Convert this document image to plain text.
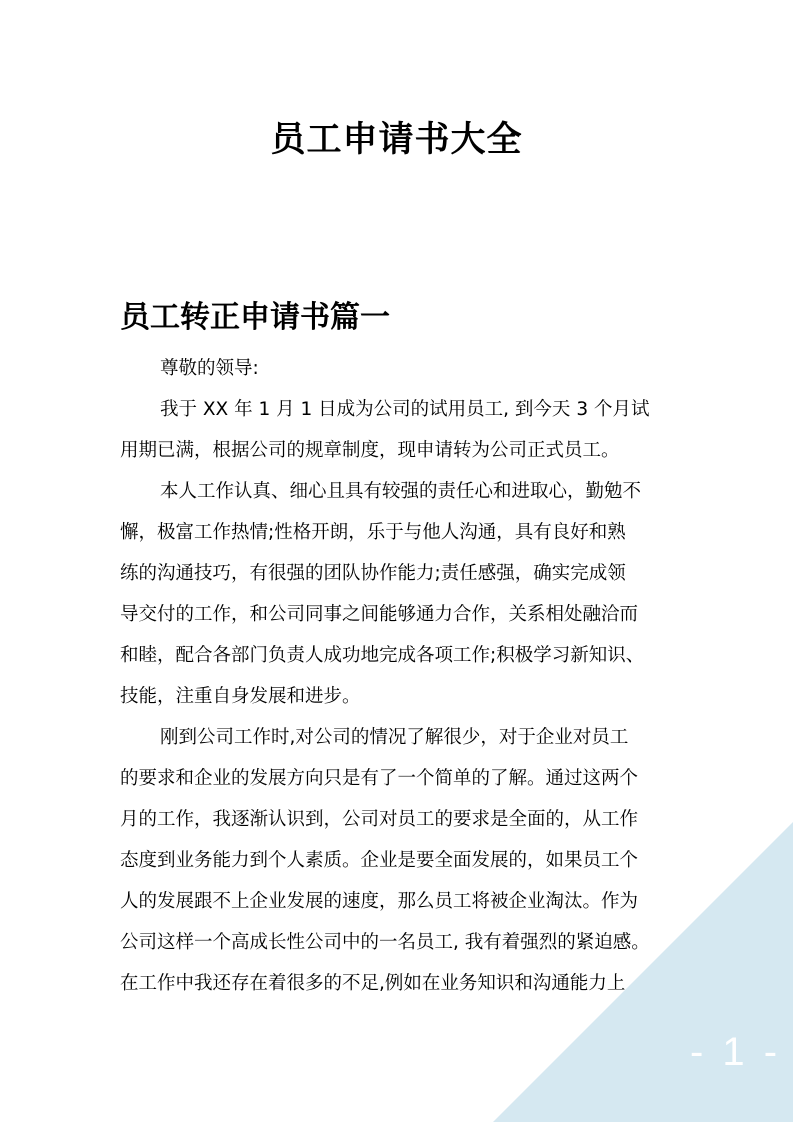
员工申请书大全
员工转正申请书篇一
尊敬的领导:
我于 XX 年 1 月 1 日成为公司的试用员工, 到今天 3 个月试
用期已满，根据公司的规章制度，现申请转为公司正式员工。
本人工作认真、细心且具有较强的责任心和进取心，勤勉不
懈，极富工作热情;性格开朗，乐于与他人沟通，具有良好和熟
练的沟通技巧，有很强的团队协作能力;责任感强，确实完成领
导交付的工作，和公司同事之间能够通力合作，关系相处融洽而
和睦，配合各部门负责人成功地完成各项工作;积极学习新知识、
技能，注重自身发展和进步。
刚到公司工作时,对公司的情况了解很少，对于企业对员工
的要求和企业的发展方向只是有了一个简单的了解。通过这两个
月的工作，我逐渐认识到，公司对员工的要求是全面的，从工作
态度到业务能力到个人素质。企业是要全面发展的，如果员工个
人的发展跟不上企业发展的速度，那么员工将被企业淘汰。作为
公司这样一个高成长性公司中的一名员工, 我有着强烈的紧迫感。
在工作中我还存在着很多的不足,例如在业务知识和沟通能力上
- 1 -
